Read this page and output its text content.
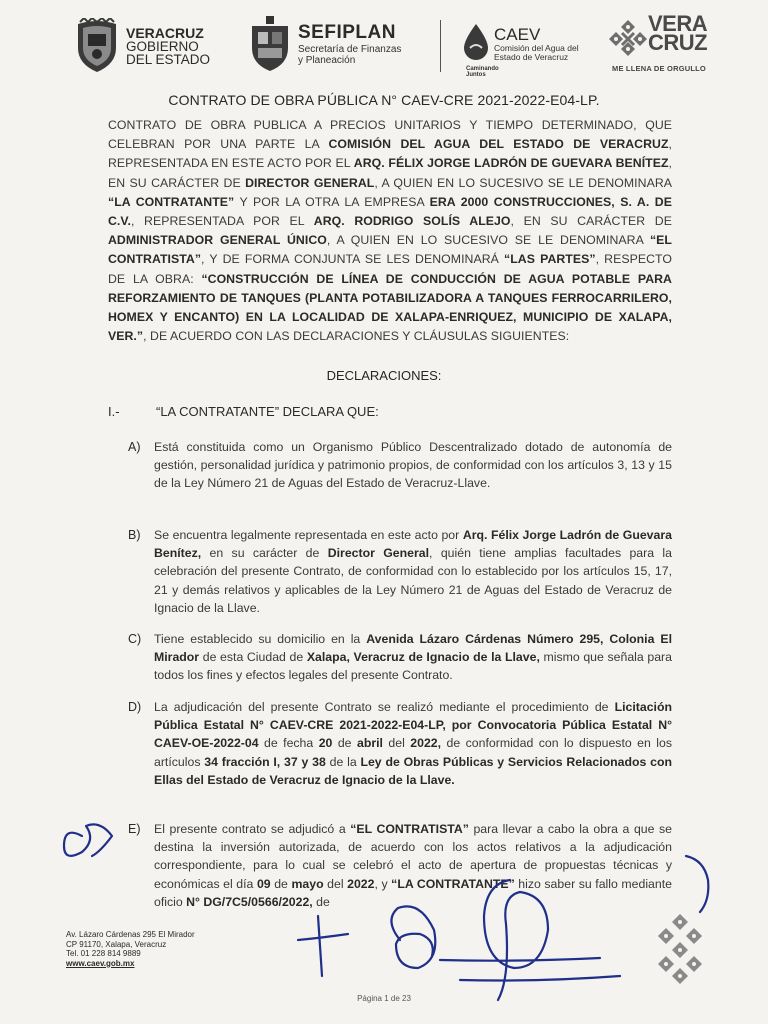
VERACRUZ
GOBIERNO
DEL ESTADO
SEFIPLAN
Secretaría de Finanzas
y Planeación
CAEV
Comisión del Agua del
Estado de Veracruz
Caminando
Juntos
VERA
CRUZ
ME LLENA DE ORGULLO
CONTRATO DE OBRA PÚBLICA N° CAEV-CRE 2021-2022-E04-LP.
CONTRATO DE OBRA PUBLICA A PRECIOS UNITARIOS Y TIEMPO DETERMINADO, QUE CELEBRAN POR UNA PARTE LA COMISIÓN DEL AGUA DEL ESTADO DE VERACRUZ, REPRESENTADA EN ESTE ACTO POR EL ARQ. FÉLIX JORGE LADRÓN DE GUEVARA BENÍTEZ, EN SU CARÁCTER DE DIRECTOR GENERAL, A QUIEN EN LO SUCESIVO SE LE DENOMINARA “LA CONTRATANTE” Y POR LA OTRA LA EMPRESA ERA 2000 CONSTRUCCIONES, S. A. DE C.V., REPRESENTADA POR EL ARQ. RODRIGO SOLÍS ALEJO, EN SU CARÁCTER DE ADMINISTRADOR GENERAL ÚNICO, A QUIEN EN LO SUCESIVO SE LE DENOMINARA “EL CONTRATISTA”, Y DE FORMA CONJUNTA SE LES DENOMINARÁ “LAS PARTES”, RESPECTO DE LA OBRA: “CONSTRUCCIÓN DE LÍNEA DE CONDUCCIÓN DE AGUA POTABLE PARA REFORZAMIENTO DE TANQUES (PLANTA POTABILIZADORA A TANQUES FERROCARRILERO, HOMEX Y ENCANTO) EN LA LOCALIDAD DE XALAPA-ENRIQUEZ, MUNICIPIO DE XALAPA, VER.”, DE ACUERDO CON LAS DECLARACIONES Y CLÁUSULAS SIGUIENTES:
DECLARACIONES:
I.-	“LA CONTRATANTE” DECLARA QUE:
A)	Está constituida como un Organismo Público Descentralizado dotado de autonomía de gestión, personalidad jurídica y patrimonio propios, de conformidad con los artículos 3, 13 y 15 de la Ley Número 21 de Aguas del Estado de Veracruz-Llave.
B)	Se encuentra legalmente representada en este acto por Arq. Félix Jorge Ladrón de Guevara Benítez, en su carácter de Director General, quién tiene amplias facultades para la celebración del presente Contrato, de conformidad con lo establecido por los artículos 15, 17, 21 y demás relativos y aplicables de la Ley Número 21 de Aguas del Estado de Veracruz de Ignacio de la Llave.
C)	Tiene establecido su domicilio en la Avenida Lázaro Cárdenas Número 295, Colonia El Mirador de esta Ciudad de Xalapa, Veracruz de Ignacio de la Llave, mismo que señala para todos los fines y efectos legales del presente Contrato.
D)	La adjudicación del presente Contrato se realizó mediante el procedimiento de Licitación Pública Estatal N° CAEV-CRE 2021-2022-E04-LP, por Convocatoria Pública Estatal N° CAEV-OE-2022-04 de fecha 20 de abril del 2022, de conformidad con lo dispuesto en los artículos 34 fracción I, 37 y 38 de la Ley de Obras Públicas y Servicios Relacionados con Ellas del Estado de Veracruz de Ignacio de la Llave.
E)	El presente contrato se adjudicó a “EL CONTRATISTA” para llevar a cabo la obra a que se destina la inversión autorizada, de acuerdo con los actos relativos a la adjudicación correspondiente, para lo cual se celebró el acto de apertura de propuestas técnicas y económicas el día 09 de mayo del 2022, y “LA CONTRATANTE” hizo saber su fallo mediante oficio N° DG/7C5/0566/2022, de
Av. Lázaro Cárdenas 295 El Mirador
CP 91170, Xalapa, Veracruz
Tel. 01 228 814 9889
www.caev.gob.mx
Página 1 de 23
